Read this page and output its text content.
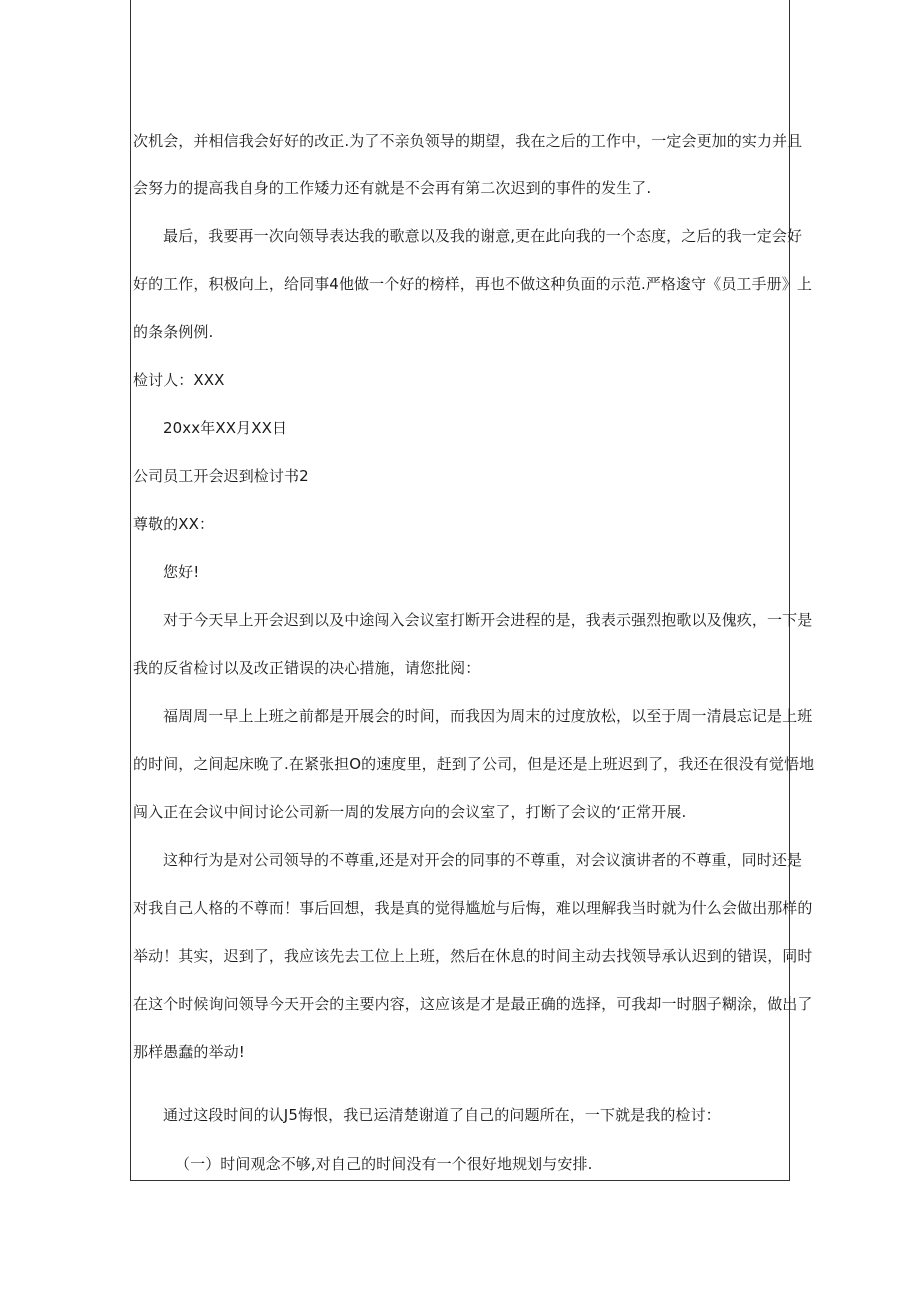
次机会，并相信我会好好的改正.为了不亲负领导的期望，我在之后的工作中，一定会更加的实力并且
会努力的提高我自身的工作矮力还有就是不会再有第二次迟到的事件的发生了.
最后，我要再一次向领导表达我的歌意以及我的谢意,更在此向我的一个态度，之后的我一定会好
好的工作，积极向上，给同事4他做一个好的榜样，再也不做这种负面的示范.严格逡守《员工手册》上
的条条例例.
检讨人：XXX
20xx年XX月XX日
公司员工开会迟到检讨书2
尊敬的XX：
您好!
对于今天早上开会迟到以及中途闯入会议室打断开会进程的是，我表示强烈抱歌以及傀疚，一下是
我的反省检讨以及改正错误的决心措施，请您批阅：
福周周一早上上班之前都是开展会的时间，而我因为周末的过度放松，以至于周一清晨忘记是上班
的时间，之间起床晚了.在紧张担O的速度里，赶到了公司，但是还是上班迟到了，我还在很没有觉悟地
闯入正在会议中间讨论公司新一周的发展方向的会议室了，打断了会议的‘正常开展.
这种行为是对公司领导的不尊重,还是对开会的同事的不尊重，对会议演讲者的不尊重，同时还是
对我自己人格的不尊而！事后回想，我是真的觉得尴尬与后悔，难以理解我当时就为什么会做出那样的
举动！其实，迟到了，我应该先去工位上上班，然后在休息的时间主动去找领导承认迟到的错误，同时
在这个时候询问领导今天开会的主要内容，这应该是才是最正确的选择，可我却一时胭子糊涂，做出了
那样愚蠢的举动!
通过这段时间的认J5悔恨，我已运清楚谢道了自己的问题所在，一下就是我的检讨：
（一）时间观念不够,对自己的时间没有一个很好地规划与安排.
